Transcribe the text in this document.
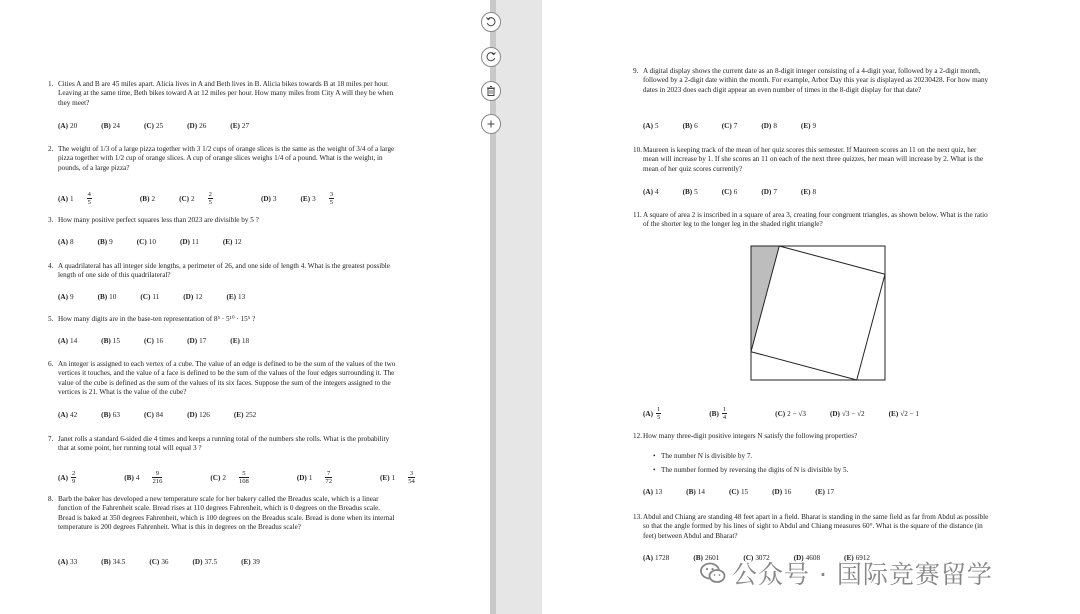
1. Cities A and B are 45 miles apart. Alicia lives in A and Beth lives in B. Alicia bikes towards B at 18 miles per hour. Leaving at the same time, Beth bikes toward A at 12 miles per hour. How many miles from City A will they be when they meet?
(A) 20	(B) 24	(C) 25	(D) 26	(E) 27
2. The weight of 1/3 of a large pizza together with 3 1/2 cups of orange slices is the same as the weight of 3/4 of a large pizza together with 1/2 cup of orange slices. A cup of orange slices weighs 1/4 of a pound. What is the weight, in pounds, of a large pizza?
(A) $1 \frac{4}{5}$	(B) 2	(C) $2 \frac{2}{5}$	(D) 3	(E) $3 \frac{3}{5}$
3. How many positive perfect squares less than 2023 are divisible by 5 ?
(A) 8	(B) 9	(C) 10	(D) 11	(E) 12
4. A quadrilateral has all integer side lengths, a perimeter of 26, and one side of length 4. What is the greatest possible length of one side of this quadrilateral?
(A) 9	(B) 10	(C) 11	(D) 12	(E) 13
5. How many digits are in the base-ten representation of 8⁵ · 5¹⁰ · 15⁵ ?
(A) 14	(B) 15	(C) 16	(D) 17	(E) 18
6. An integer is assigned to each vertex of a cube. The value of an edge is defined to be the sum of the values of the two vertices it touches, and the value of a face is defined to be the sum of the values of the four edges surrounding it. The value of the cube is defined as the sum of the values of its six faces. Suppose the sum of the integers assigned to the vertices is 21. What is the value of the cube?
(A) 42	(B) 63	(C) 84	(D) 126	(E) 252
7. Janet rolls a standard 6-sided die 4 times and keeps a running total of the numbers she rolls. What is the probability that at some point, her running total will equal 3 ?
$(A) \frac{2}{9}$	(B) $4 \frac{9}{216}$	(C) $2 \frac{5}{108}$	(D) $1 \frac{7}{72}$	(E) $1 \frac{3}{54}$
8. Barb the baker has developed a new temperature scale for her bakery called the Breadus scale, which is a linear function of the Fahrenheit scale. Bread rises at 110 degrees Fahrenheit, which is 0 degrees on the Breadus scale. Bread is baked at 350 degrees Fahrenheit, which is 100 degrees on the Breadus scale. Bread is done when its internal temperature is 200 degrees Fahrenheit. What is this in degrees on the Breadus scale?
(A) 33	(B) 34.5	(C) 36	(D) 37.5	(E) 39
9. A digital display shows the current date as an 8-digit integer consisting of a 4-digit year, followed by a 2-digit month, followed by a 2-digit date within the month. For example, Arbor Day this year is displayed as 20230428. For how many dates in 2023 does each digit appear an even number of times in the 8-digit display for that date?
(A) 5	(B) 6	(C) 7	(D) 8	(E) 9
10. Maureen is keeping track of the mean of her quiz scores this semester. If Maureen scores an 11 on the next quiz, her mean will increase by 1. If she scores an 11 on each of the next three quizzes, her mean will increase by 2. What is the mean of her quiz scores currently?
(A) 4	(B) 5	(C) 6	(D) 7	(E) 8
11. A square of area 2 is inscribed in a square of area 3, creating four congruent triangles, as shown below. What is the ratio of the shorter leg to the longer leg in the shaded right triangle?
$(A) \frac{1}{5}$	$(B) \frac{1}{4}$	(C) 2 − √3	(D) √3 − √2	(E) √2 − 1
12. How many three-digit positive integers N satisfy the following properties?
• The number N is divisible by 7.
• The number formed by reversing the digits of N is divisible by 5.
(A) 13	(B) 14	(C) 15	(D) 16	(E) 17
13. Abdul and Chiang are standing 48 feet apart in a field. Bharat is standing in the same field as far from Abdul as possible so that the angle formed by his lines of sight to Abdul and Chiang measures 60°. What is the square of the distance (in feet) between Abdul and Bharat?
(A) 1728	(B) 2601	(C) 3072	(D) 4608	(E) 6912
公众号 · 国际竞赛留学
